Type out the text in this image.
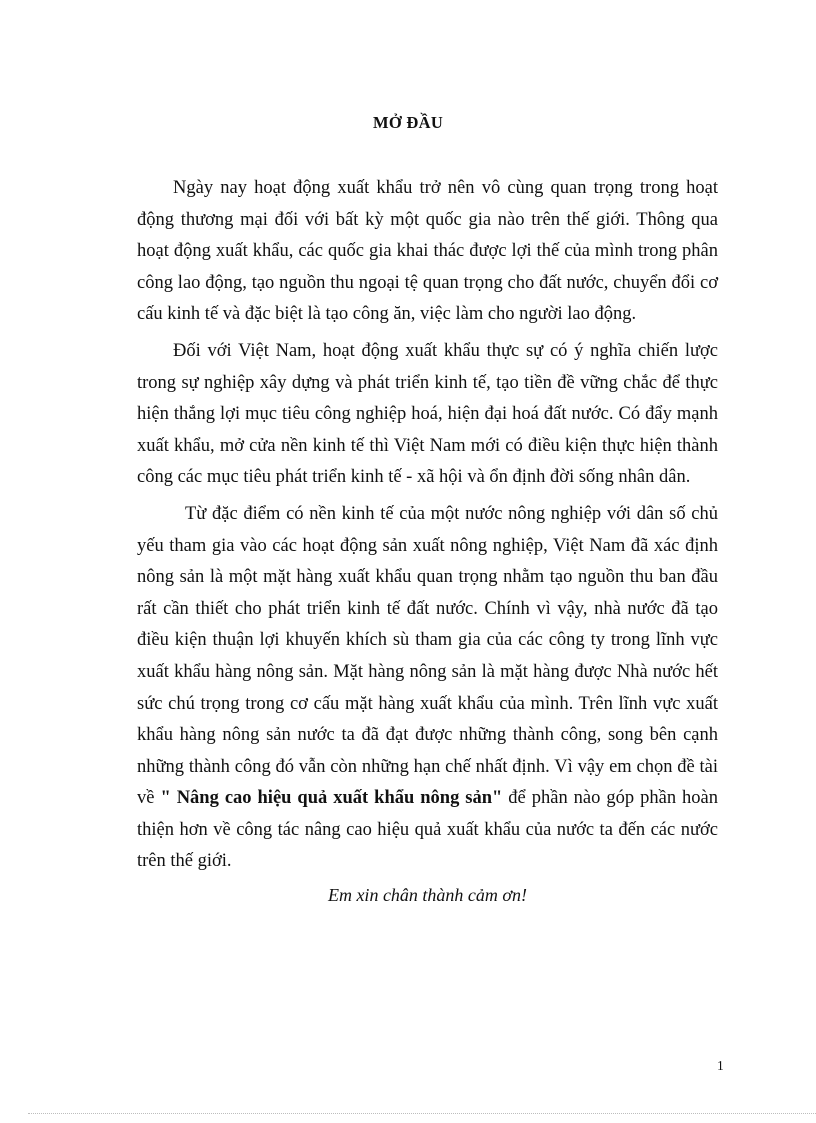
MỞ ĐẦU

Ngày nay hoạt động xuất khẩu trở nên vô cùng quan trọng trong hoạt động thương mại đối với bất kỳ một quốc gia nào trên thế giới. Thông qua hoạt động xuất khẩu, các quốc gia khai thác được lợi thế của mình trong phân công lao động, tạo nguồn thu ngoại tệ quan trọng cho đất nước, chuyển đổi cơ cấu kinh tế và đặc biệt là tạo công ăn, việc làm cho người lao động.

Đối với Việt Nam, hoạt động xuất khẩu thực sự có ý nghĩa chiến lược trong sự nghiệp xây dựng và phát triển kinh tế, tạo tiền đề vững chắc để thực hiện thắng lợi mục tiêu công nghiệp hoá, hiện đại hoá đất nước. Có đẩy mạnh xuất khẩu, mở cửa nền kinh tế thì Việt Nam mới có điều kiện thực hiện thành công các mục tiêu phát triển kinh tế - xã hội và ổn định đời sống nhân dân.

Từ đặc điểm có nền kinh tế của một nước nông nghiệp với dân số chủ yếu tham gia vào các hoạt động sản xuất nông nghiệp, Việt Nam đã xác định nông sản là một mặt hàng xuất khẩu quan trọng nhằm tạo nguồn thu ban đầu rất cần thiết cho phát triển kinh tế đất nước. Chính vì vậy, nhà nước đã tạo điều kiện thuận lợi khuyến khích sù tham gia của các công ty trong lĩnh vực xuất khẩu hàng nông sản. Mặt hàng nông sản là mặt hàng được Nhà nước hết sức chú trọng trong cơ cấu mặt hàng xuất khẩu của mình. Trên lĩnh vực xuất khẩu hàng nông sản nước ta đã đạt được những thành công, song bên cạnh những thành công đó vẫn còn những hạn chế nhất định. Vì vậy em chọn đề tài về " Nâng cao hiệu quả xuất khẩu nông sản" để phần nào góp phần hoàn thiện hơn về công tác nâng cao hiệu quả xuất khẩu của nước ta đến các nước trên thế giới.

Em xin chân thành cảm ơn!

1
